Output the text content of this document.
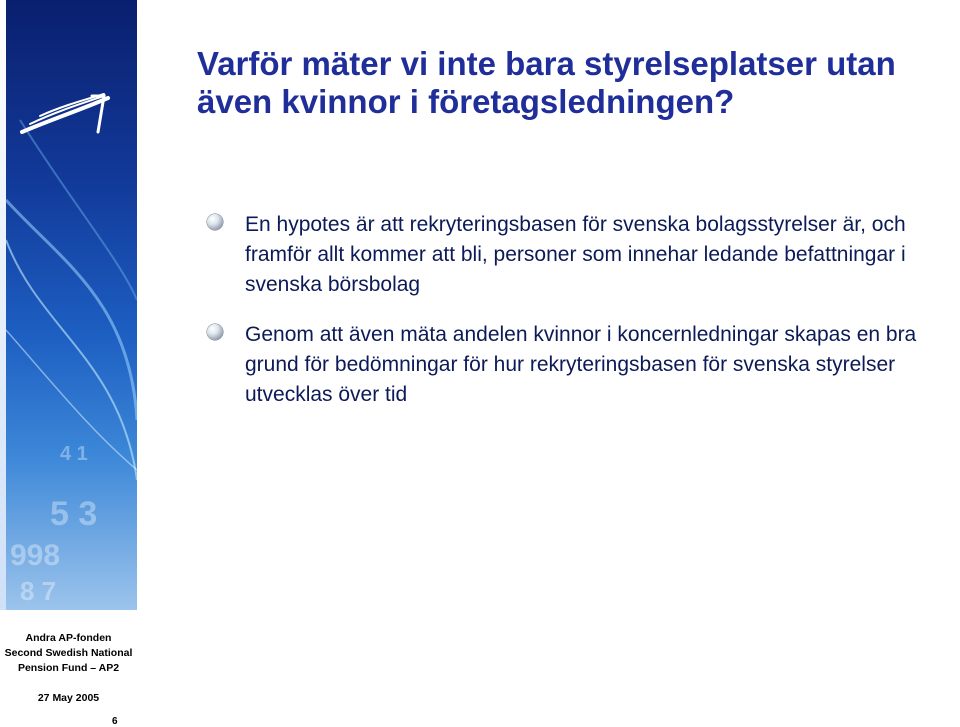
5 3
998
8 7
4 1
Andra AP-fonden
Second Swedish National
Pension Fund – AP2
27 May 2005
6
Varför mäter vi inte bara styrelseplatser utan
även kvinnor i företagsledningen?
En hypotes är att rekryteringsbasen för svenska bolagsstyrelser är, och framför allt kommer att bli, personer som innehar ledande befattningar i svenska börsbolag
Genom att även mäta andelen kvinnor i koncernledningar skapas en bra grund för bedömningar för hur rekryteringsbasen för svenska styrelser utvecklas över tid
